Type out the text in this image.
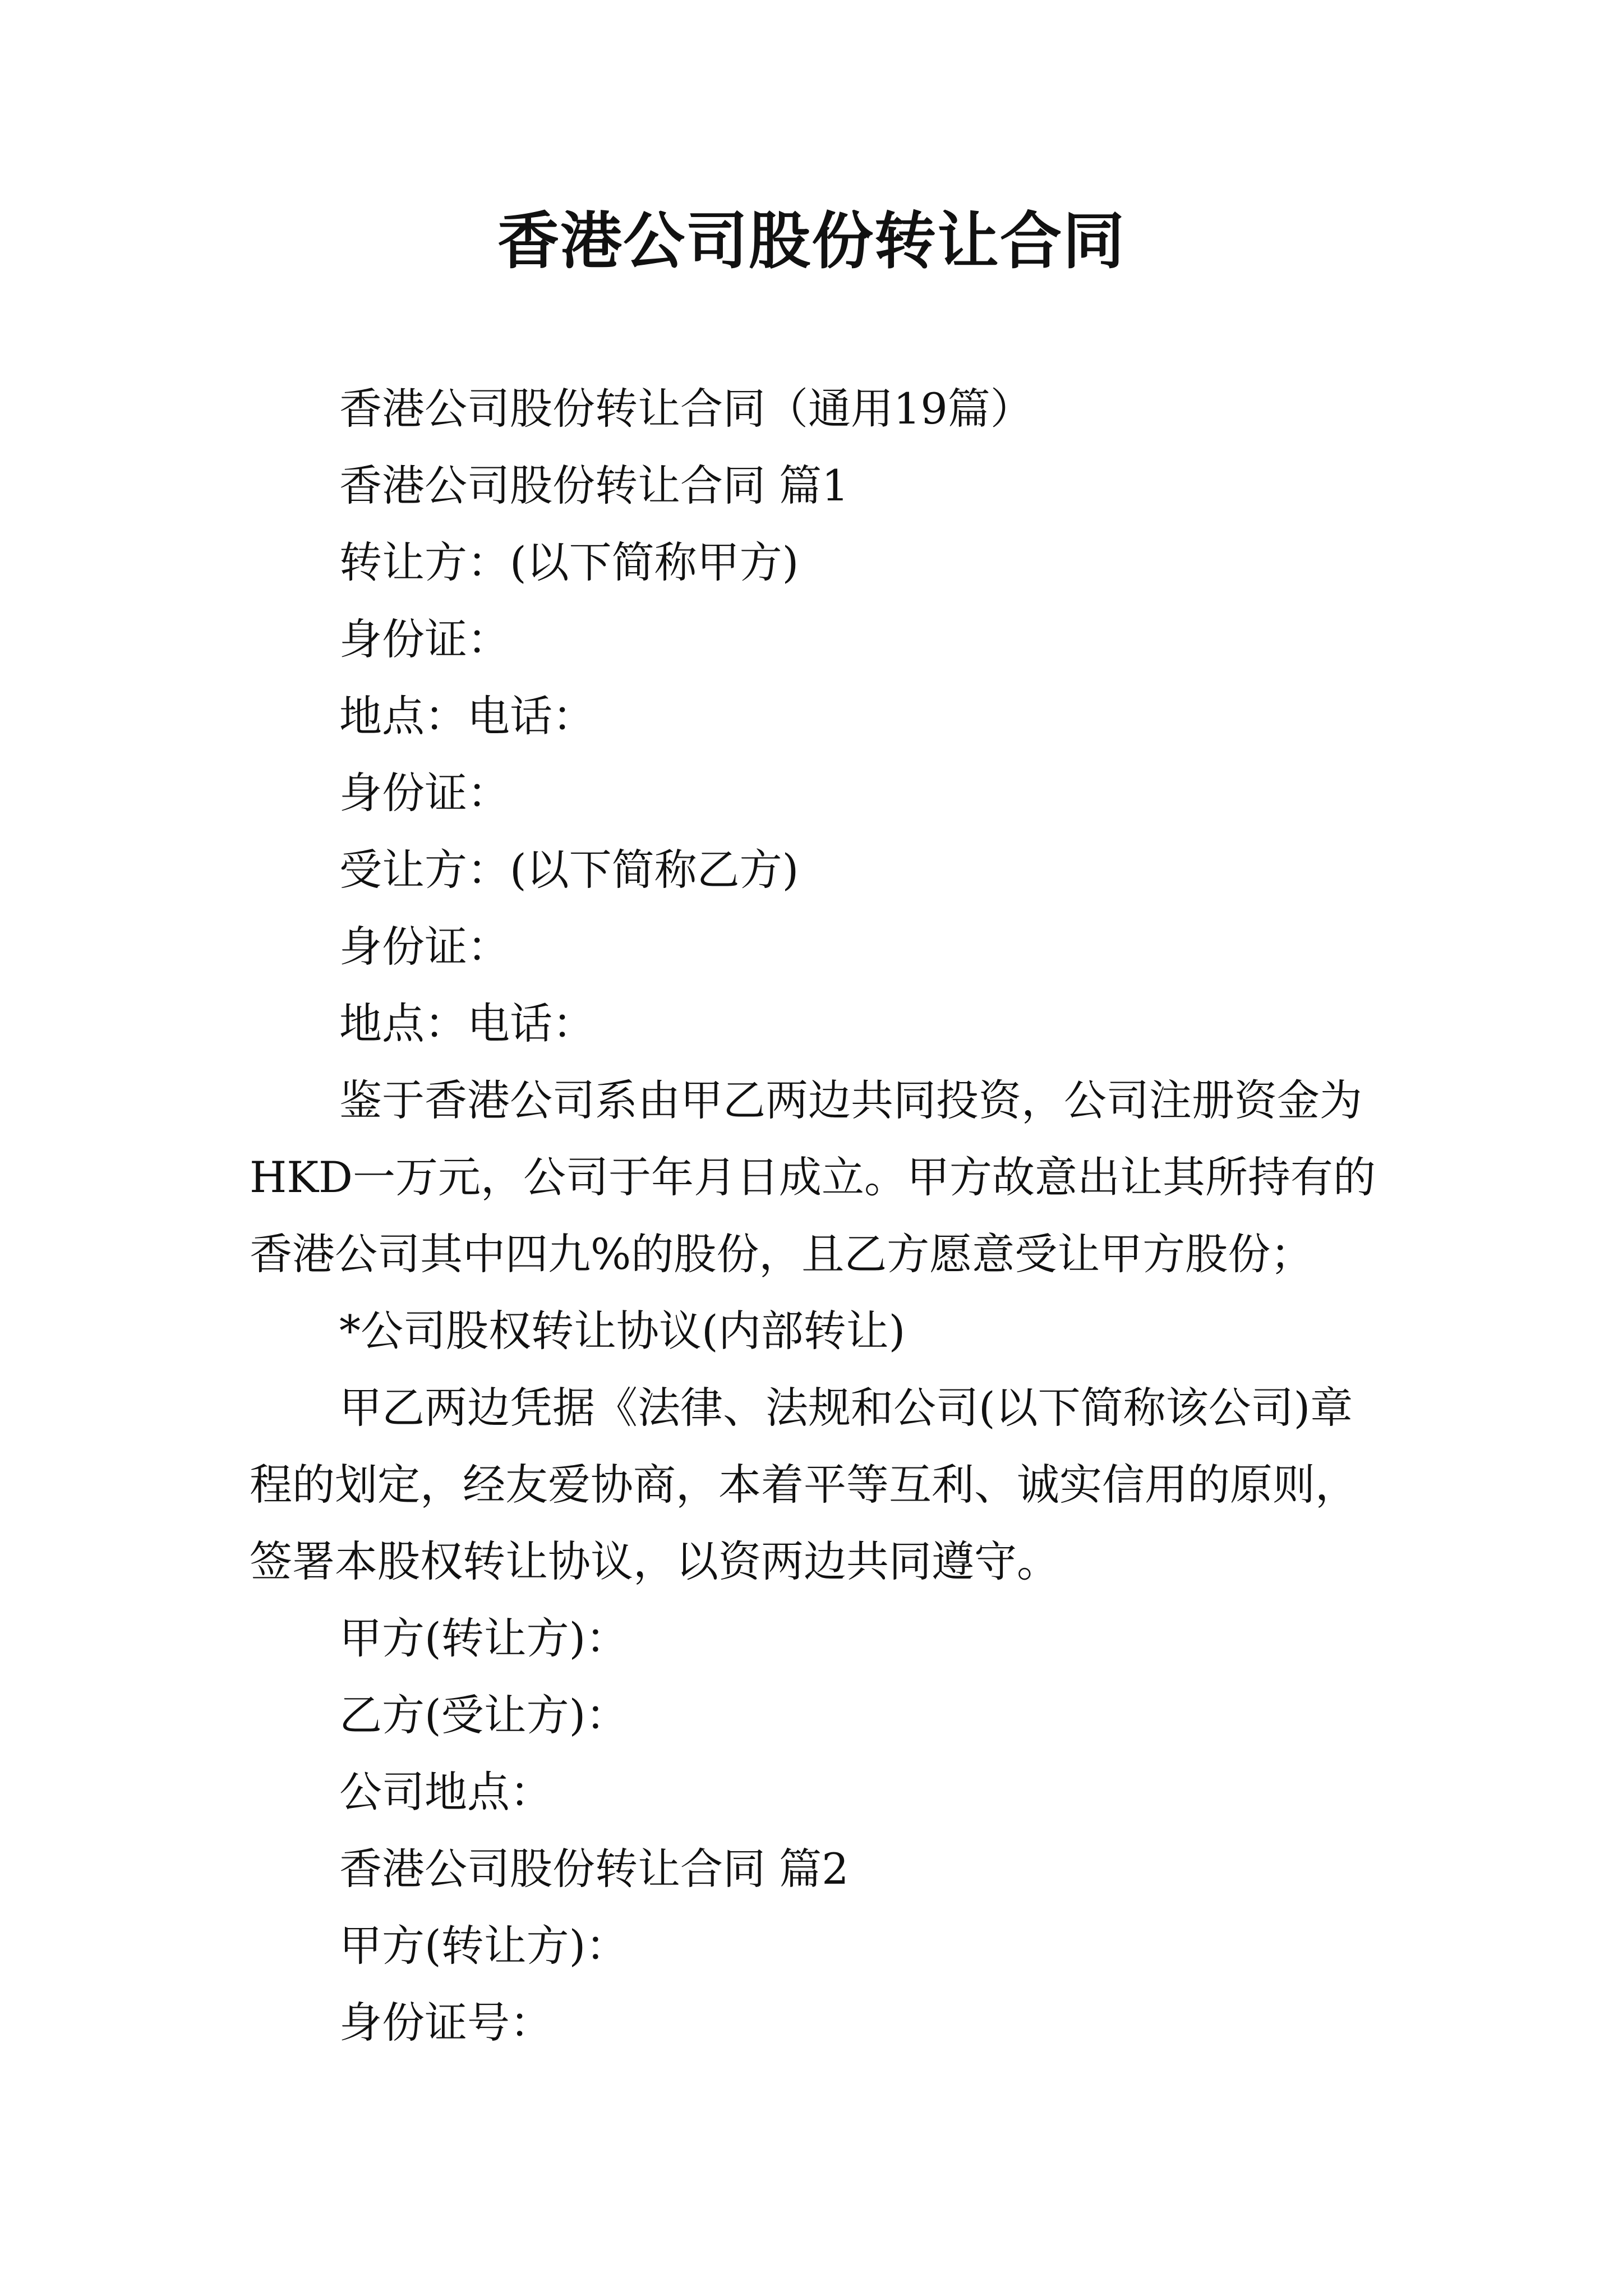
香港公司股份转让合同

香港公司股份转让合同（通用19篇）

香港公司股份转让合同 篇1

转让方：(以下简称甲方)

身份证：

地点：电话：

身份证：

受让方：(以下简称乙方)

身份证：

地点：电话：

鉴于香港公司系由甲乙两边共同投资，公司注册资金为
HKD一万元，公司于年月日成立。甲方故意出让其所持有的
香港公司其中四九%的股份，且乙方愿意受让甲方股份；

*公司股权转让协议(内部转让)

甲乙两边凭据《法律、法规和公司(以下简称该公司)章
程的划定，经友爱协商，本着平等互利、诚实信用的原则，
签署本股权转让协议，以资两边共同遵守。

甲方(转让方)：

乙方(受让方)：

公司地点：

香港公司股份转让合同 篇2

甲方(转让方)：

身份证号：
